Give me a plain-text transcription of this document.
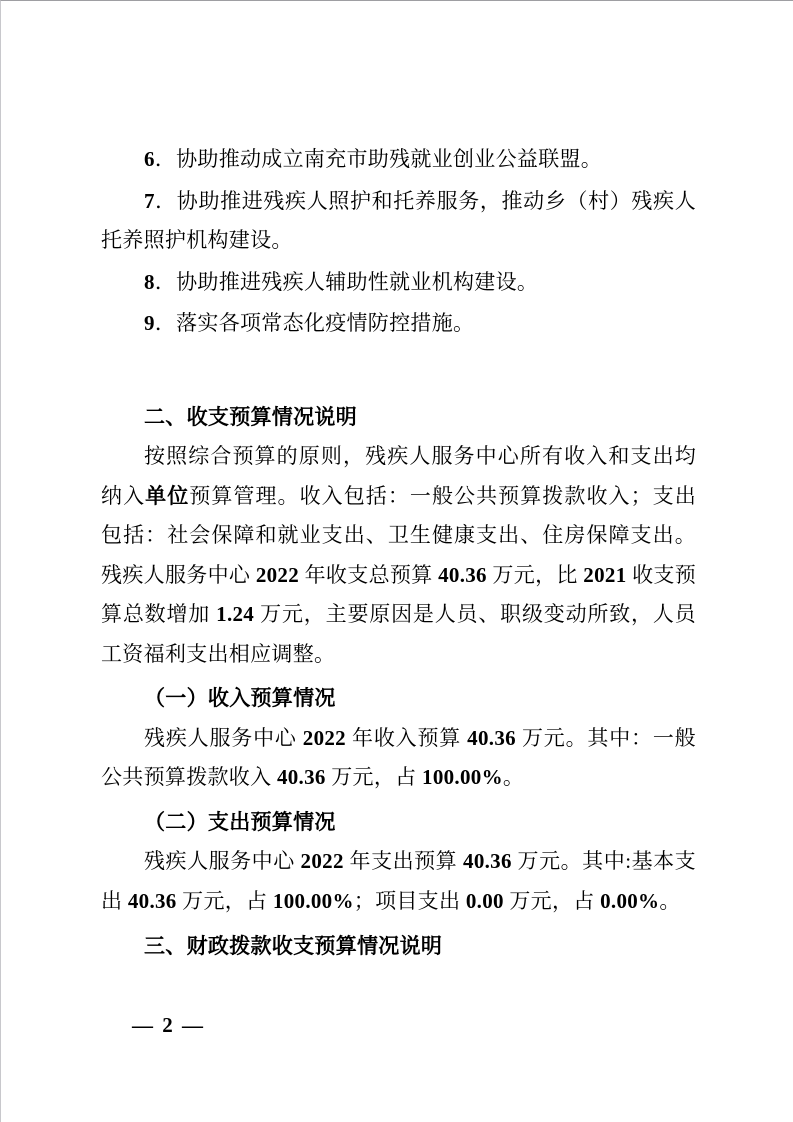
6．协助推动成立南充市助残就业创业公益联盟。

7．协助推进残疾人照护和托养服务，推动乡（村）残疾人托养照护机构建设。

8．协助推进残疾人辅助性就业机构建设。

9．落实各项常态化疫情防控措施。

二、收支预算情况说明

按照综合预算的原则，残疾人服务中心所有收入和支出均纳入单位预算管理。收入包括：一般公共预算拨款收入；支出包括：社会保障和就业支出、卫生健康支出、住房保障支出。残疾人服务中心 2022 年收支总预算 40.36 万元，比 2021 收支预算总数增加 1.24 万元，主要原因是人员、职级变动所致，人员工资福利支出相应调整。

（一）收入预算情况

残疾人服务中心 2022 年收入预算 40.36 万元。其中：一般公共预算拨款收入 40.36 万元，占 100.00%。

（二）支出预算情况

残疾人服务中心 2022 年支出预算 40.36 万元。其中:基本支出 40.36 万元，占 100.00%；项目支出 0.00 万元，占 0.00%。

三、财政拨款收支预算情况说明

— 2 —
